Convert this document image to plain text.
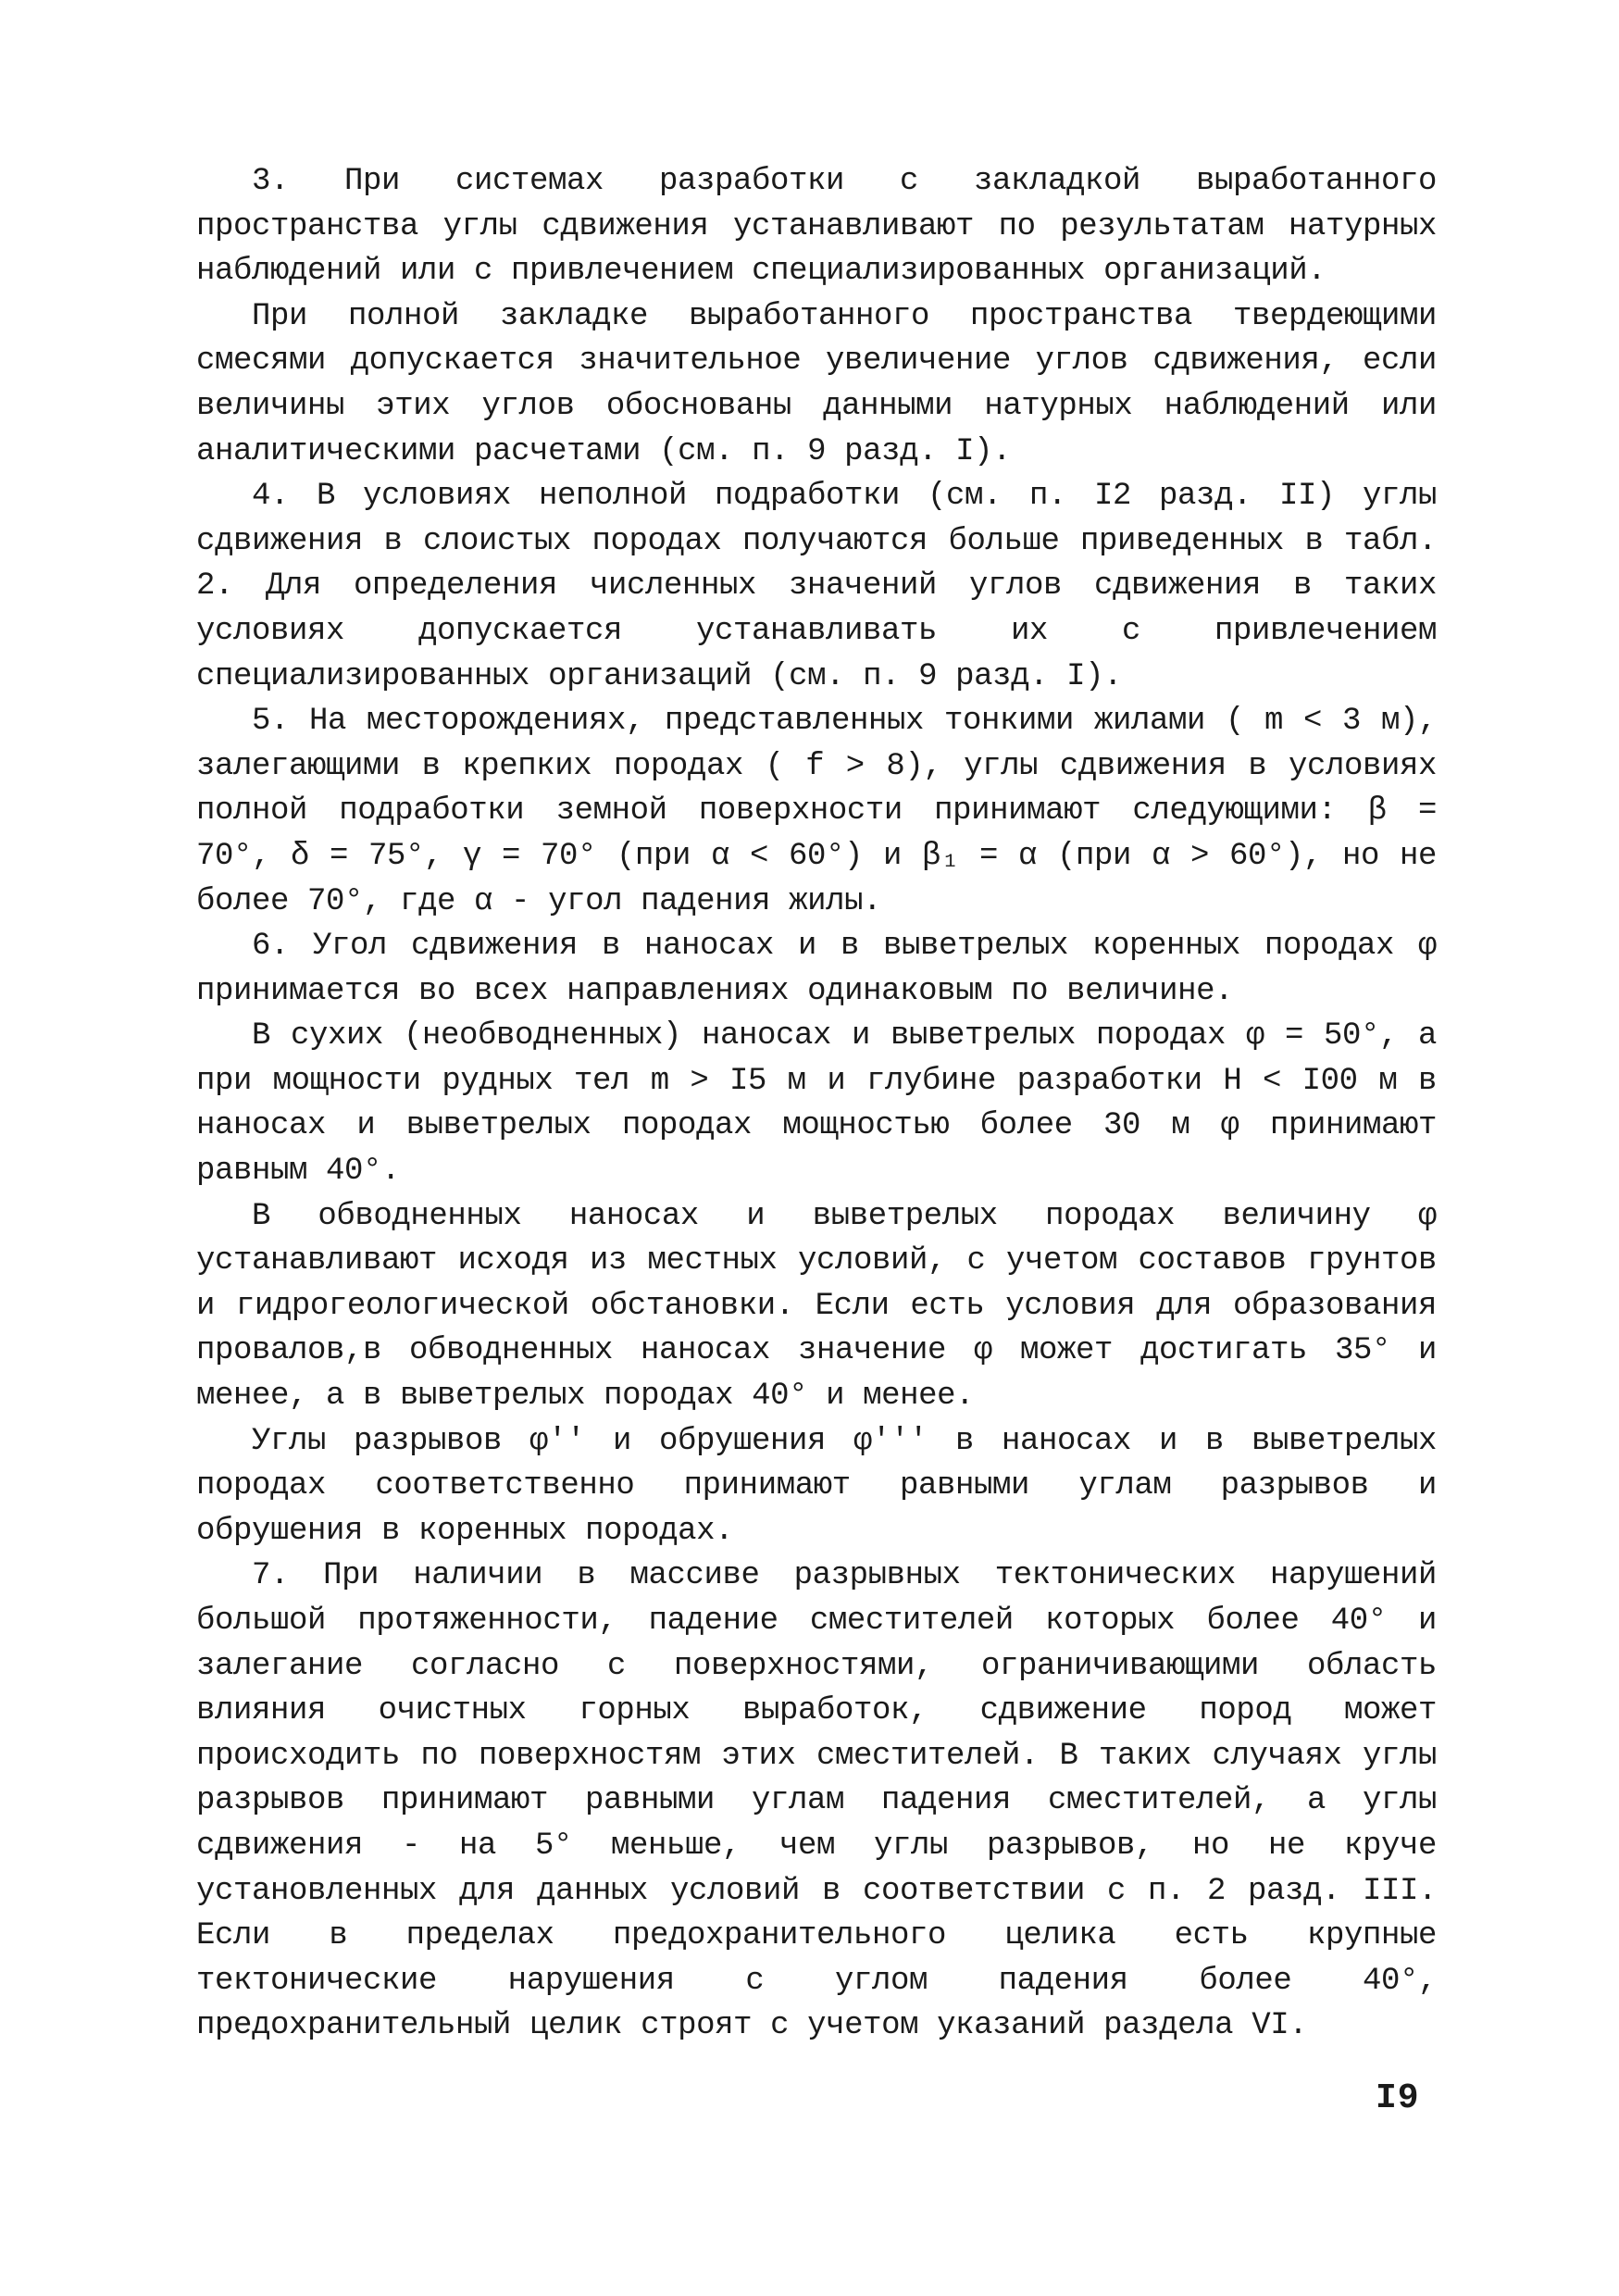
3. При системах разработки с закладкой выработанного пространства углы сдвижения устанавливают по результатам натурных наблюдений или с привлечением специализированных организаций.

При полной закладке выработанного пространства твердеющими смесями допускается значительное увеличение углов сдвижения, если величины этих углов обоснованы данными натурных наблюдений или аналитическими расчетами (см. п. 9 разд. I).

4. В условиях неполной подработки (см. п. I2 разд. II) углы сдвижения в слоистых породах получаются больше приведенных в табл. 2. Для определения численных значений углов сдвижения в таких условиях допускается устанавливать их с привлечением специализированных организаций (см. п. 9 разд. I).

5. На месторождениях, представленных тонкими жилами ( m < 3 м), залегающими в крепких породах ( f > 8), углы сдвижения в условиях полной подработки земной поверхности принимают следующими: β = 70°, δ = 75°, γ = 70° (при α < 60°) и β₁ = α (при α > 60°), но не более 70°, где α - угол падения жилы.

6. Угол сдвижения в наносах и в выветрелых коренных породах φ принимается во всех направлениях одинаковым по величине.

В сухих (необводненных) наносах и выветрелых породах φ = 50°, а при мощности рудных тел m > I5 м и глубине разработки H < I00 м в наносах и выветрелых породах мощностью более 30 м φ принимают равным 40°.

В обводненных наносах и выветрелых породах величину φ устанавливают исходя из местных условий, с учетом составов грунтов и гидрогеологической обстановки. Если есть условия для образования провалов,в обводненных наносах значение φ может достигать 35° и менее, а в выветрелых породах 40° и менее.

Углы разрывов φ'' и обрушения φ''' в наносах и в выветрелых породах соответственно принимают равными углам разрывов и обрушения в коренных породах.

7. При наличии в массиве разрывных тектонических нарушений большой протяженности, падение сместителей которых более 40° и залегание согласно с поверхностями, ограничивающими область влияния очистных горных выработок, сдвижение пород может происходить по поверхностям этих сместителей. В таких случаях углы разрывов принимают равными углам падения сместителей, а углы сдвижения - на 5° меньше, чем углы разрывов, но не круче установленных для данных условий в соответствии с п. 2 разд. III. Если в пределах предохранительного целика есть крупные тектонические нарушения с углом падения более 40°, предохранительный целик строят с учетом указаний раздела VI.

I9
